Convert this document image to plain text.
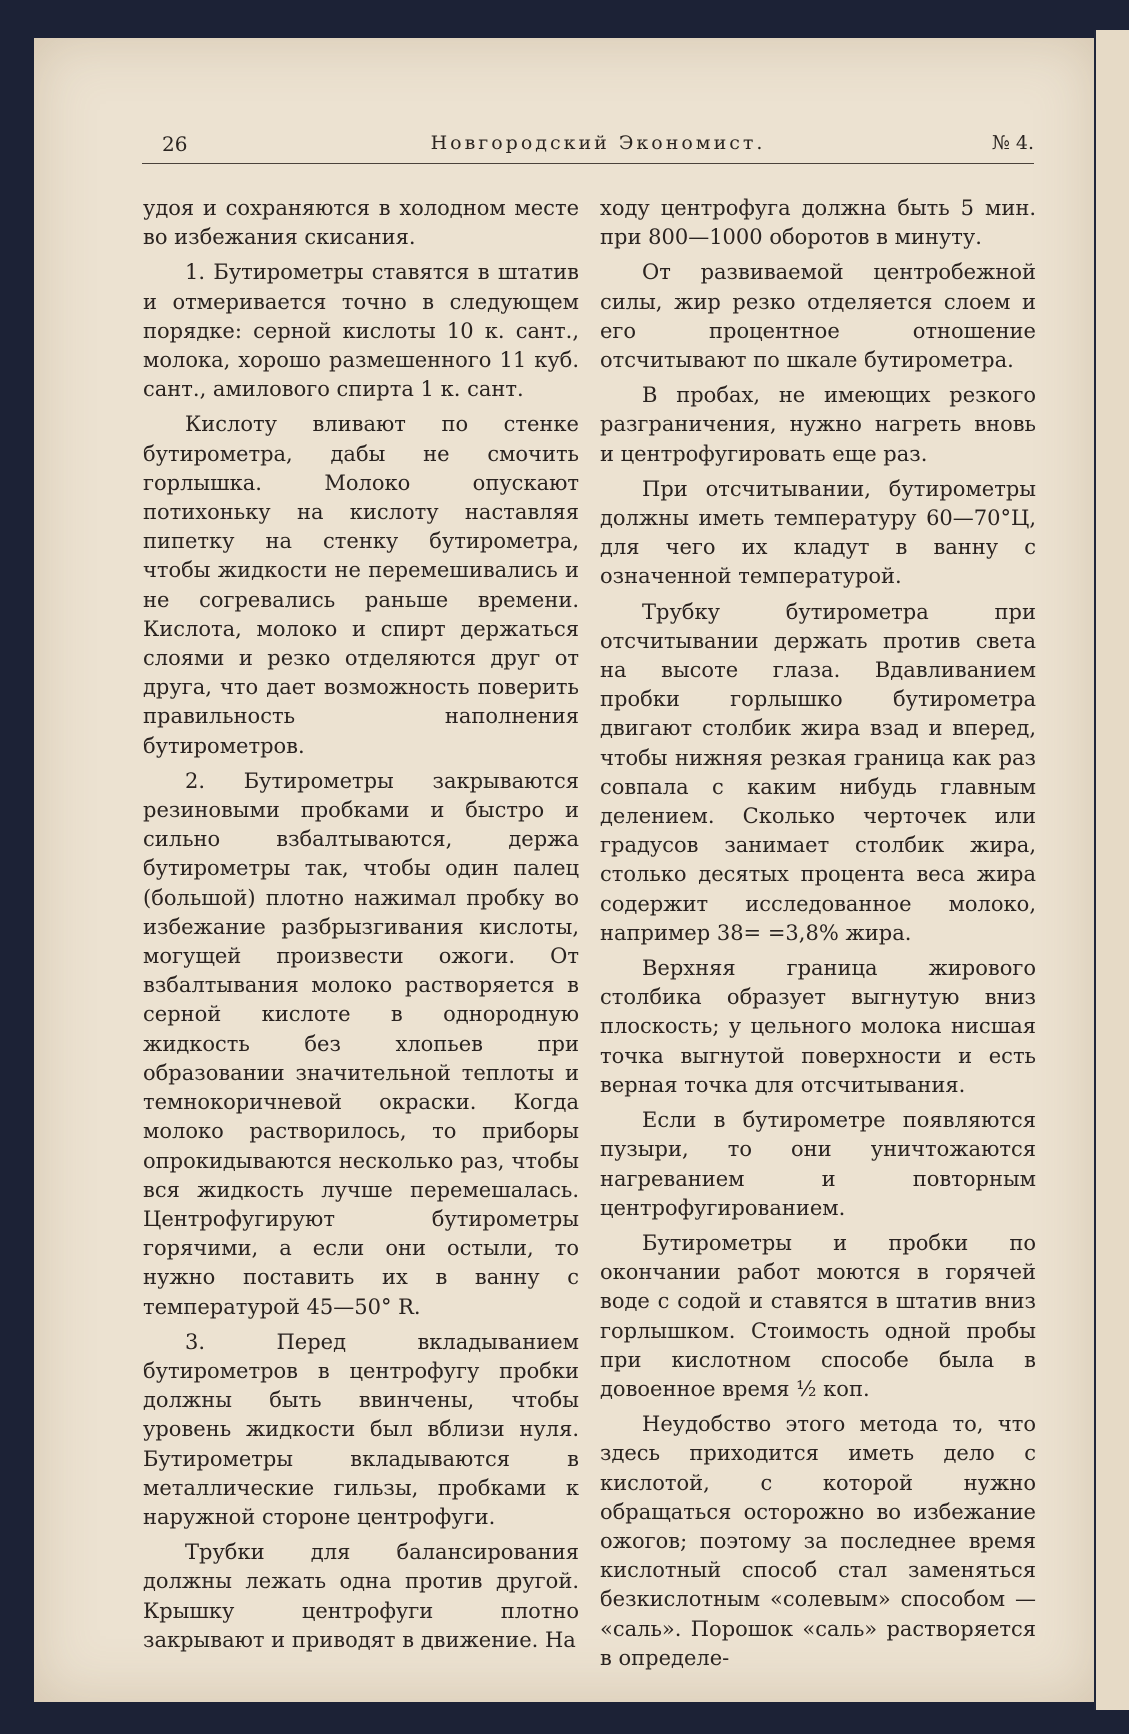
26	Новгородский Экономист.	№ 4.

удоя и сохраняются в холодном месте во избежания скисания.

1. Бутирометры ставятся в штатив и отмеривается точно в следующем порядке: серной кислоты 10 к. сант., молока, хорошо размешенного 11 куб. сант., амилового спирта 1 к. сант.

Кислоту вливают по стенке бутирометра, дабы не смочить горлышка. Молоко опускают потихоньку на кислоту наставляя пипетку на стенку бутирометра, чтобы жидкости не перемешивались и не согревались раньше времени. Кислота, молоко и спирт держаться слоями и резко отделяются друг от друга, что дает возможность поверить правильность наполнения бутирометров.

2. Бутирометры закрываются резиновыми пробками и быстро и сильно взбалтываются, держа бутирометры так, чтобы один палец (большой) плотно нажимал пробку во избежание разбрызгивания кислоты, могущей произвести ожоги. От взбалтывания молоко растворяется в серной кислоте в однородную жидкость без хлопьев при образовании значительной теплоты и темнокоричневой окраски. Когда молоко растворилось, то приборы опрокидываются несколько раз, чтобы вся жидкость лучше перемешалась. Центрофугируют бутирометры горячими, а если они остыли, то нужно поставить их в ванну с температурой 45—50° R.

3. Перед вкладыванием бутирометров в центрофугу пробки должны быть ввинчены, чтобы уровень жидкости был вблизи нуля. Бутирометры вкладываются в металлические гильзы, пробками к наружной стороне центрофуги.

Трубки для балансирования должны лежать одна против другой. Крышку центрофуги плотно закрывают и приводят в движение. На

ходу центрофуга должна быть 5 мин. при 800—1000 оборотов в минуту.

От развиваемой центробежной силы, жир резко отделяется слоем и его процентное отношение отсчитывают по шкале бутирометра.

В пробах, не имеющих резкого разграничения, нужно нагреть вновь и центрофугировать еще раз.

При отсчитывании, бутирометры должны иметь температуру 60—70°Ц, для чего их кладут в ванну с означенной температурой.

Трубку бутирометра при отсчитывании держать против света на высоте глаза. Вдавливанием пробки горлышко бутирометра двигают столбик жира взад и вперед, чтобы нижняя резкая граница как раз совпала с каким нибудь главным делением. Сколько черточек или градусов занимает столбик жира, столько десятых процента веса жира содержит исследованное молоко, например 38= =3,8% жира.

Верхняя граница жирового столбика образует выгнутую вниз плоскость; у цельного молока нисшая точка выгнутой поверхности и есть верная точка для отсчитывания.

Если в бутирометре появляются пузыри, то они уничтожаются нагреванием и повторным центрофугированием.

Бутирометры и пробки по окончании работ моются в горячей воде с содой и ставятся в штатив вниз горлышком. Стоимость одной пробы при кислотном способе была в довоенное время ½ коп.

Неудобство этого метода то, что здесь приходится иметь дело с кислотой, с которой нужно обращаться осторожно во избежание ожогов; поэтому за последнее время кислотный способ стал заменяться безкислотным «солевым» способом — «саль». Порошок «саль» растворяется в определе-
